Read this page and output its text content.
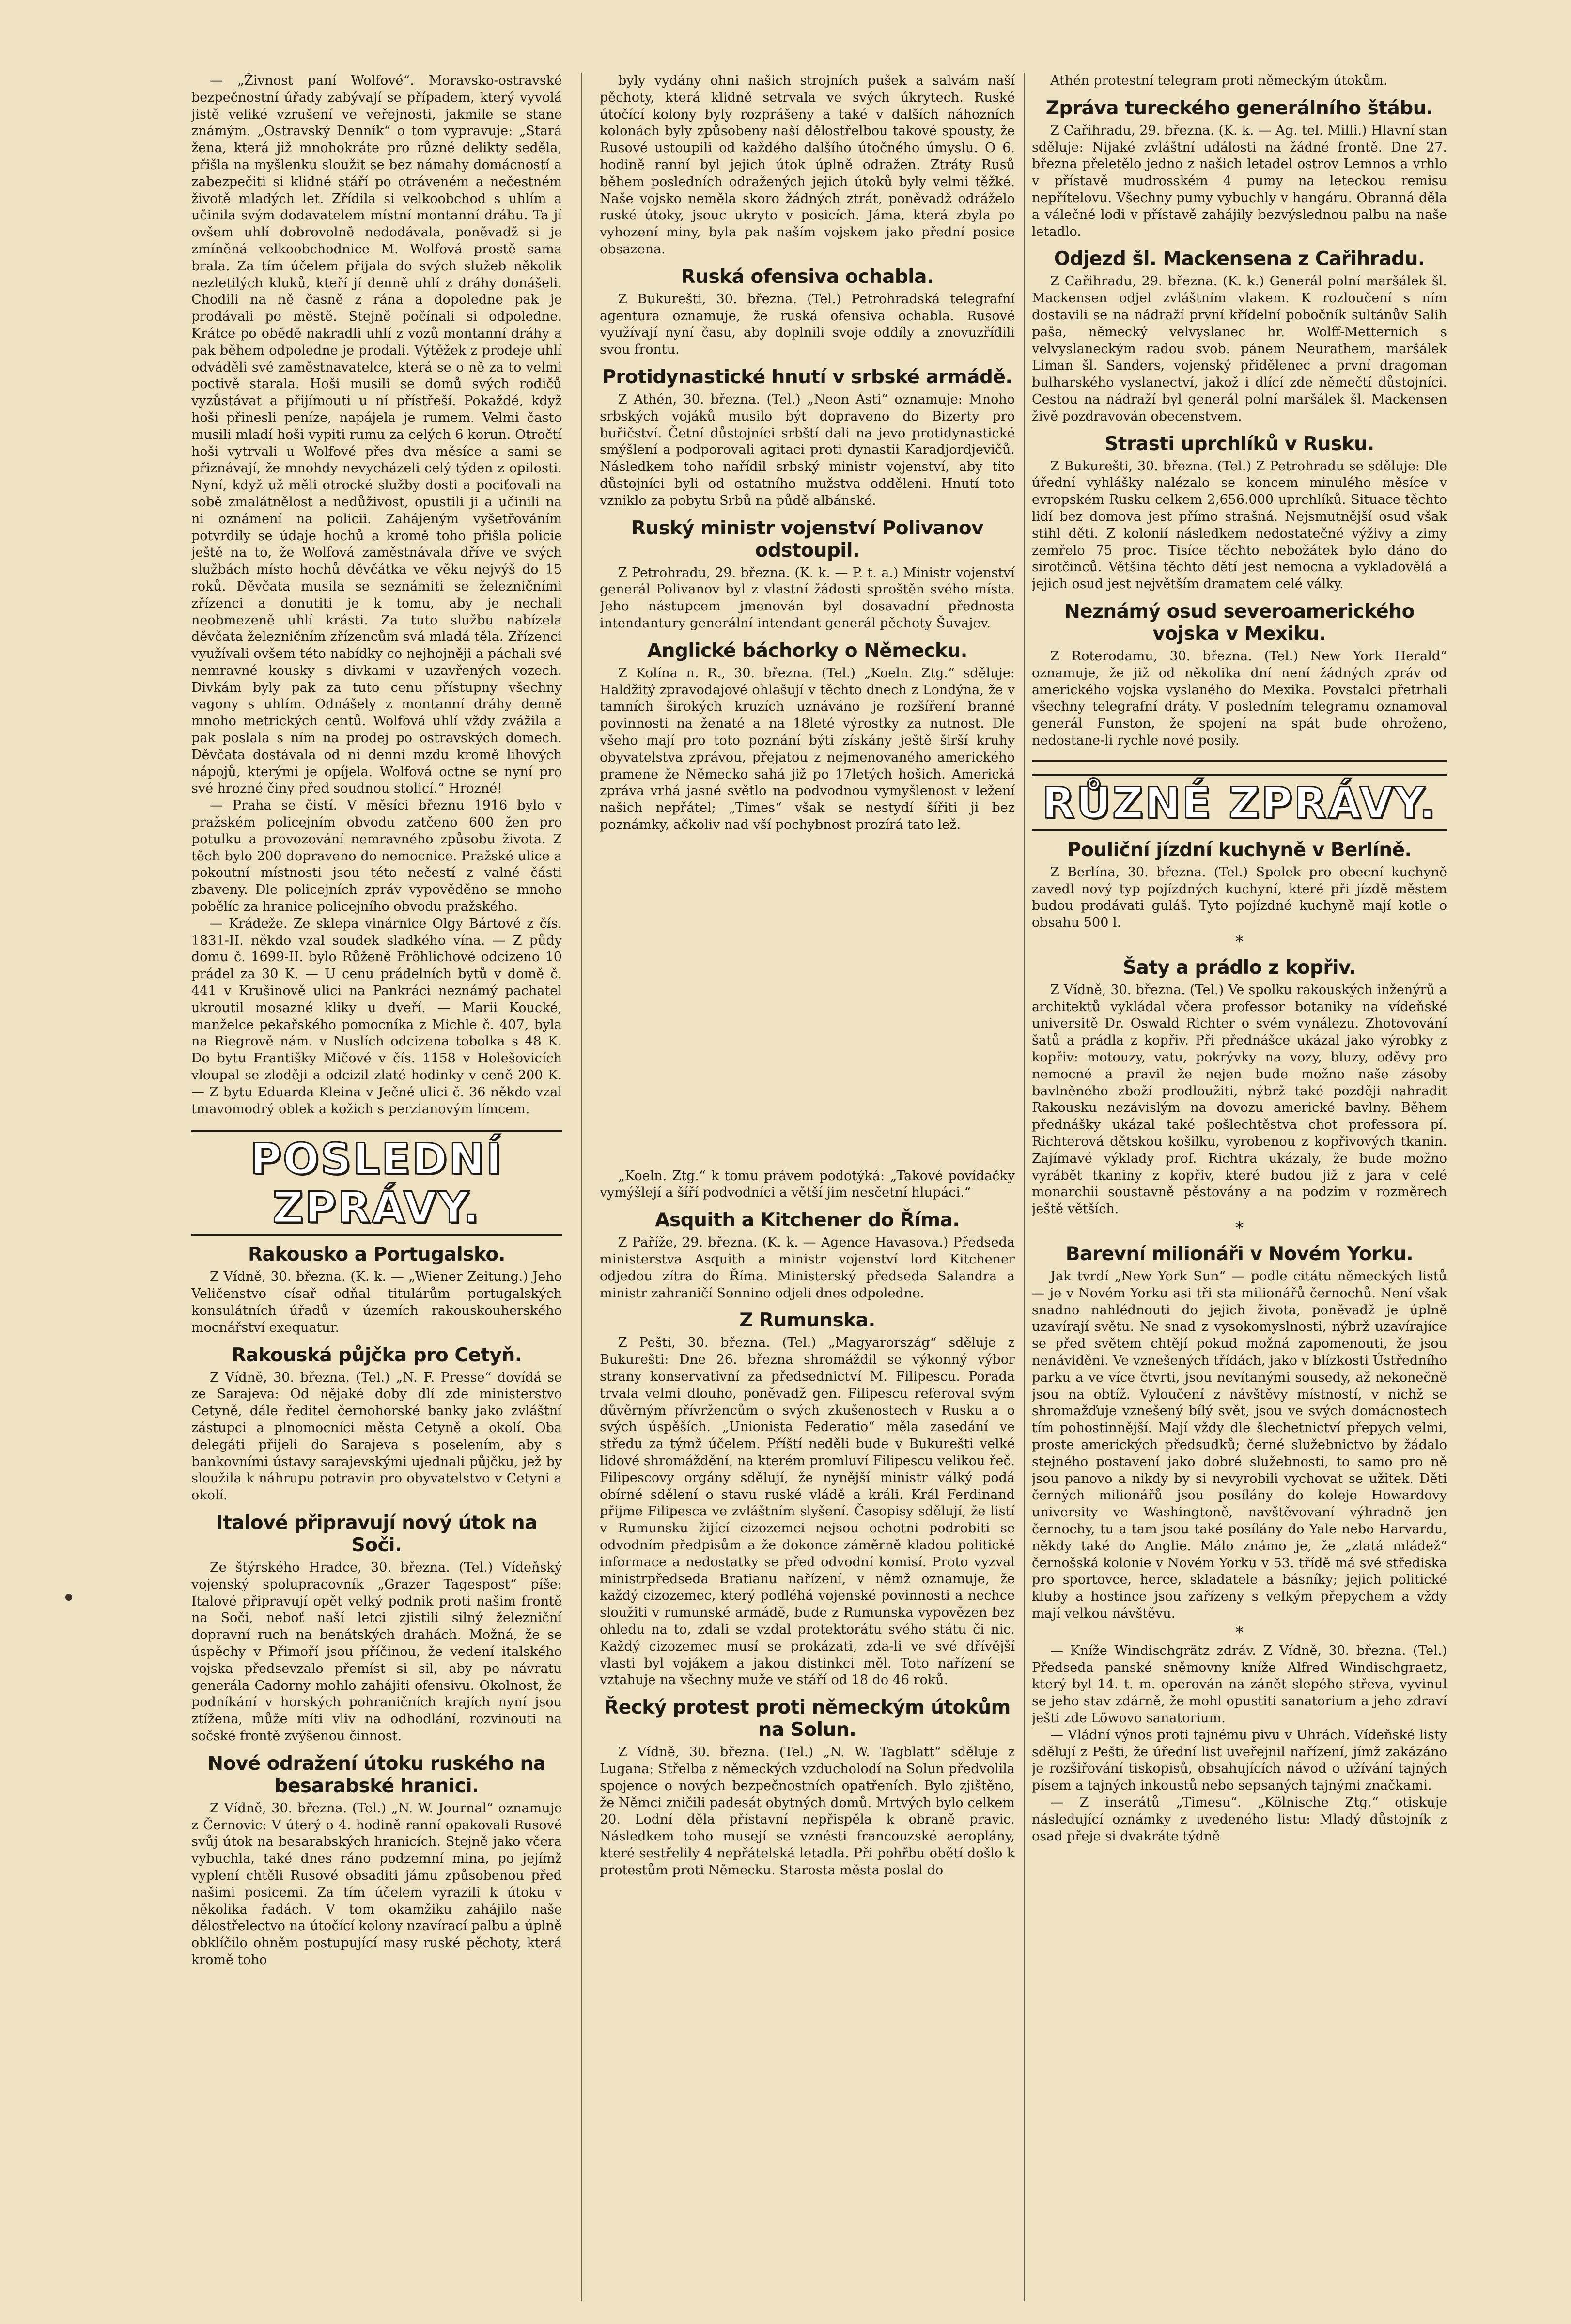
— „Živnost paní Wolfové“. Moravsko-ostravské bezpečnostní úřady zabývají se případem, který vyvolá jistě veliké vzrušení ve veřejnosti, jakmile se stane známým. „Ostravský Denník“ o tom vypravuje: „Stará žena, která již mnohokráte pro různé delikty seděla, přišla na myšlenku sloužit se bez námahy domácností a zabezpečiti si klidné stáří po otráveném a nečestném životě mladých let. Zřídila si velkoobchod s uhlím a učinila svým dodavatelem místní montanní dráhu. Ta jí ovšem uhlí dobrovolně nedodávala, poněvadž si je zmíněná velkoobchodnice M. Wolfová prostě sama brala. Za tím účelem přijala do svých služeb několik nezletilých kluků, kteří jí denně uhlí z dráhy donášeli. Chodili na ně časně z rána a dopoledne pak je prodávali po městě. Stejně počínali si odpoledne. Krátce po obědě nakradli uhlí z vozů montanní dráhy a pak během odpoledne je prodali. Výtěžek z prodeje uhlí odváděli své zaměstnavatelce, která se o ně za to velmi poctivě starala. Hoši musili se domů svých rodičů vyzůstávat a přijímouti u ní přístřeší. Pokaždé, když hoši přinesli peníze, napájela je rumem. Velmi často musili mladí hoši vypiti rumu za celých 6 korun. Otročtí hoši vytrvali u Wolfové přes dva měsíce a sami se přiznávají, že mnohdy nevycházeli celý týden z opilosti. Nyní, když už měli otrocké služby dosti a pociťovali na sobě zmalátnělost a nedůživost, opustili ji a učinili na ni oznámení na policii. Zahájeným vyšetřováním potvrdily se údaje hochů a kromě toho přišla policie ještě na to, že Wolfová zaměstnávala dříve ve svých službách místo hochů děvčátka ve věku nejvýš do 15 roků. Děvčata musila se seznámiti se železničními zřízenci a donutiti je k tomu, aby je nechali neobmezeně uhlí krásti. Za tuto službu nabízela děvčata železničním zřízencům svá mladá těla. Zřízenci využívali ovšem této nabídky co nejhojněji a páchali své nemravné kousky s divkami v uzavřených vozech. Divkám byly pak za tuto cenu přístupny všechny vagony s uhlím. Odnášely z montanní dráhy denně mnoho metrických centů. Wolfová uhlí vždy zvážila a pak poslala s ním na prodej po ostravských domech. Děvčata dostávala od ní denní mzdu kromě lihových nápojů, kterými je opíjela. Wolfová octne se nyní pro své hrozné činy před soudnou stolicí.“ Hrozné!

— Praha se čistí. V měsíci březnu 1916 bylo v pražském policejním obvodu zatčeno 600 žen pro potulku a provozování nemravného způsobu života. Z těch bylo 200 dopraveno do nemocnice. Pražské ulice a pokoutní místnosti jsou této nečestí z valné části zbaveny. Dle policejních zpráv vypověděno se mnoho pobělíc za hranice policejního obvodu pražského.

— Krádeže. Ze sklepa vinárnice Olgy Bártové z čís. 1831-II. někdo vzal soudek sladkého vína. — Z půdy domu č. 1699-II. bylo Růženě Fröhlichové odcizeno 10 prádel za 30 K. — U cenu prádelních bytů v domě č. 441 v Krušinově ulici na Pankráci neznámý pachatel ukroutil mosazné kliky u dveří. — Marii Koucké, manželce pekařského pomocníka z Michle č. 407, byla na Riegrově nám. v Nuslích odcizena tobolka s 48 K. Do bytu Františky Mičové v čís. 1158 v Holešovicích vloupal se zloději a odcizil zlaté hodinky v ceně 200 K. — Z bytu Eduarda Kleina v Ječné ulici č. 36 někdo vzal tmavomodrý oblek a kožich s perzianovým límcem.

POSLEDNÍ ZPRÁVY.
Rakousko a Portugalsko.

Z Vídně, 30. března. (K. k. — „Wiener Zeitung.) Jeho Veličenstvo císař odňal titulárům portugalských konsulátních úřadů v územích rakouskouherského mocnářství exequatur.

Rakouská půjčka pro Cetyň.

Z Vídně, 30. března. (Tel.) „N. F. Presse“ dovídá se ze Sarajeva: Od nějaké doby dlí zde ministerstvo Cetyně, dále ředitel černohorské banky jako zvláštní zástupci a plnomocníci města Cetyně a okolí. Oba delegáti přijeli do Sarajeva s poselením, aby s bankovními ústavy sarajevskými ujednali půjčku, jež by sloužila k náhrupu potravin pro obyvatelstvo v Cetyni a okolí.

Italové připravují nový útok na Soči.

Ze štýrského Hradce, 30. března. (Tel.) Vídeňský vojenský spolupracovník „Grazer Tagespost“ píše: Italové připravují opět velký podnik proti našim frontě na Soči, neboť naší letci zjistili silný železniční dopravní ruch na benátských drahách. Možná, že se úspěchy v Přimoří jsou příčinou, že vedení italského vojska předsevzalo přemíst si sil, aby po návratu generála Cadorny mohlo zahájiti ofensivu. Okolnost, že podníkání v horských pohraničních krajích nyní jsou ztížena, může míti vliv na odhodlání, rozvinouti na sočské frontě zvýšenou činnost.

Nové odražení útoku ruského na besarabské hranici.

Z Vídně, 30. března. (Tel.) „N. W. Journal“ oznamuje z Černovic: V úterý o 4. hodině ranní opakovali Rusové svůj útok na besarabských hranicích. Stejně jako včera vybuchla, také dnes ráno podzemní mina, po jejímž vyplení chtěli Rusové obsaditi jámu způsobenou před našimi posicemi. Za tím účelem vyrazili k útoku v několika řadách. V tom okamžiku zahájilo naše dělostřelectvo na útočící kolony nzavírací palbu a úplně obklíčilo ohněm postupující masy ruské pěchoty, která kromě toho

byly vydány ohni našich strojních pušek a salvám naší pěchoty, která klidně setrvala ve svých úkrytech. Ruské útočící kolony byly rozprášeny a také v dalších náhozních kolonách byly způsobeny naší dělostřelbou takové spousty, že Rusové ustoupili od každého dalšího útočného úmyslu. O 6. hodině ranní byl jejich útok úplně odražen. Ztráty Rusů během posledních odražených jejich útoků byly velmi těžké. Naše vojsko neměla skoro žádných ztrát, poněvadž odráželo ruské útoky, jsouc ukryto v posicích. Jáma, která zbyla po vyhození miny, byla pak naším vojskem jako přední posice obsazena.

Ruská ofensiva ochabla.

Z Bukurešti, 30. března. (Tel.) Petrohradská telegrafní agentura oznamuje, že ruská ofensiva ochabla. Rusové využívají nyní času, aby doplnili svoje oddíly a znovuzřídili svou frontu.

Protidynastické hnutí v srbské armádě.

Z Athén, 30. března. (Tel.) „Neon Asti“ oznamuje: Mnoho srbských vojáků musilo být dopraveno do Bizerty pro buřičství. Četní důstojníci srbští dali na jevo protidynastické smýšlení a podporovali agitaci proti dynastii Karadjordjevičů. Následkem toho nařídil srbský ministr vojenství, aby tito důstojníci byli od ostatního mužstva odděleni. Hnutí toto vzniklo za pobytu Srbů na půdě albánské.

Ruský ministr vojenství Polivanov odstoupil.

Z Petrohradu, 29. března. (K. k. — P. t. a.) Ministr vojenství generál Polivanov byl z vlastní žádosti sproštěn svého místa. Jeho nástupcem jmenován byl dosavadní přednosta intendantury generální intendant generál pěchoty Šuvajev.

Anglické báchorky o Německu.

Z Kolína n. R., 30. března. (Tel.) „Koeln. Ztg.“ sděluje: Haldžitý zpravodajové ohlašují v těchto dnech z Londýna, že v tamních širokých kruzích uznáváno je rozšíření branné povinnosti na ženaté a na 18leté výrostky za nutnost. Dle všeho mají pro toto poznání býti získány ještě širší kruhy obyvatelstva zprávou, přejatou z nejmenovaného amerického pramene že Německo sahá již po 17letých hošich. Americká zpráva vrhá jasné světlo na podvodnou vymyšlenost v ležení našich nepřátel; „Times“ však se nestydí šířiti ji bez poznámky, ačkoliv nad vší pochybnost prozírá tato lež.

„Koeln. Ztg.“ k tomu právem podotýká: „Takové povídačky vymýšlejí a šíří podvodníci a větší jim nesčetní hlupáci.“

Asquith a Kitchener do Říma.

Z Paříže, 29. března. (K. k. — Agence Havasova.) Předseda ministerstva Asquith a ministr vojenství lord Kitchener odjedou zítra do Říma. Ministerský předseda Salandra a ministr zahraničí Sonnino odjeli dnes odpoledne.

Z Rumunska.

Z Pešti, 30. března. (Tel.) „Magyarország“ sděluje z Bukurešti: Dne 26. března shromáždil se výkonný výbor strany konservativní za předsednictví M. Filipescu. Porada trvala velmi dlouho, poněvadž gen. Filipescu referoval svým důvěrným přívržencům o svých zkušenostech v Rusku a o svých úspěších. „Unionista Federatio“ měla zasedání ve středu za týmž účelem. Příští neděli bude v Bukurešti velké lidové shromáždění, na kterém promluví Filipescu velikou řeč. Filipescovy orgány sdělují, že nynější ministr válký podá obírné sdělení o stavu ruské vládě a králi. Král Ferdinand přijme Filipesca ve zvláštním slyšení. Časopisy sdělují, že listí v Rumunsku žijící cizozemci nejsou ochotni podrobiti se odvodním předpisům a že dokonce záměrně kladou politické informace a nedostatky se před odvodní komisí. Proto vyzval ministrpředseda Bratianu nařízení, v němž oznamuje, že každý cizozemec, který podléhá vojenské povinnosti a nechce sloužiti v rumunské armádě, bude z Rumunska vypovězen bez ohledu na to, zdali se vzdal protektorátu svého státu či nic. Každý cizozemec musí se prokázati, zda-li ve své dřívější vlasti byl vojákem a jakou distinkci měl. Toto nařízení se vztahuje na všechny muže ve stáří od 18 do 46 roků.

Řecký protest proti německým útokům na Solun.

Z Vídně, 30. března. (Tel.) „N. W. Tagblatt“ sděluje z Lugana: Střelba z německých vzducholodí na Solun předvolila spojence o nových bezpečnostních opatřeních. Bylo zjištěno, že Němci zničili padesát obytných domů. Mrtvých bylo celkem 20. Lodní děla přístavní nepřispěla k obraně pravic. Následkem toho musejí se vznésti francouzské aeroplány, které sestřelily 4 nepřátelská letadla. Při pohřbu obětí došlo k protestům proti Německu. Starosta města poslal do

Athén protestní telegram proti německým útokům.

Zpráva tureckého generálního štábu.

Z Cařihradu, 29. března. (K. k. — Ag. tel. Milli.) Hlavní stan sděluje: Nijaké zvláštní události na žádné frontě. Dne 27. března přeletělo jedno z našich letadel ostrov Lemnos a vrhlo v přístavě mudrosském 4 pumy na leteckou remisu nepřítelovu. Všechny pumy vybuchly v hangáru. Obranná děla a válečné lodi v přístavě zahájily bezvýslednou palbu na naše letadlo.

Odjezd šl. Mackensena z Cařihradu.

Z Cařihradu, 29. března. (K. k.) Generál polní maršálek šl. Mackensen odjel zvláštním vlakem. K rozloučení s ním dostavili se na nádraží první křídelní pobočník sultánův Salih paša, německý velvyslanec hr. Wolff-Metternich s velvyslaneckým radou svob. pánem Neurathem, maršálek Liman šl. Sanders, vojenský přidělenec a první dragoman bulharského vyslanectví, jakož i dlící zde němečtí důstojníci. Cestou na nádraží byl generál polní maršálek šl. Mackensen živě pozdravován obecenstvem.

Strasti uprchlíků v Rusku.

Z Bukurešti, 30. března. (Tel.) Z Petrohradu se sděluje: Dle úřední vyhlášky nalézalo se koncem minulého měsíce v evropském Rusku celkem 2,656.000 uprchlíků. Situace těchto lidí bez domova jest přímo strašná. Nejsmutnější osud však stihl děti. Z kolonií následkem nedostatečné výživy a zimy zemřelo 75 proc. Tisíce těchto nebožátek bylo dáno do sirotčinců. Většina těchto dětí jest nemocna a vykladovělá a jejich osud jest největším dramatem celé války.

Neznámý osud severoamerického vojska v Mexiku.

Z Roterodamu, 30. března. (Tel.) New York Herald“ oznamuje, že již od několika dní není žádných zpráv od amerického vojska vyslaného do Mexika. Povstalci přetrhali všechny telegrafní dráty. V posledním telegramu oznamoval generál Funston, že spojení na spát bude ohroženo, nedostane-li rychle nové posily.

RŮZNÉ ZPRÁVY.
Pouliční jízdní kuchyně v Berlíně.

Z Berlína, 30. března. (Tel.) Spolek pro obecní kuchyně zavedl nový typ pojízdných kuchyní, které při jízdě městem budou prodávati guláš. Tyto pojízdné kuchyně mají kotle o obsahu 500 l.

*
Šaty a prádlo z kopřiv.

Z Vídně, 30. března. (Tel.) Ve spolku rakouských inženýrů a architektů vykládal včera professor botaniky na vídeňské universitě Dr. Oswald Richter o svém vynálezu. Zhotovování šatů a prádla z kopřiv. Při přednášce ukázal jako výrobky z kopřiv: motouzy, vatu, pokrývky na vozy, bluzy, oděvy pro nemocné a pravil že nejen bude možno naše zásoby bavlněného zboží prodloužiti, nýbrž také později nahradit Rakousku nezávislým na dovozu americké bavlny. Během přednášky ukázal také pošlechtěstva chot professora pí. Richterová dětskou košilku, vyrobenou z kopřivových tkanin. Zajímavé výklady prof. Richtra ukázaly, že bude možno vyrábět tkaniny z kopřiv, které budou již z jara v celé monarchii soustavně pěstovány a na podzim v rozměrech ještě větších.

*
Barevní milionáři v Novém Yorku.

Jak tvrdí „New York Sun“ — podle citátu německých listů — je v Novém Yorku asi tři sta milionářů černochů. Není však snadno nahlédnouti do jejich života, poněvadž je úplně uzavírají světu. Ne snad z vysokomyslnosti, nýbrž uzavírajíce se před světem chtějí pokud možná zapomenouti, že jsou nenáviděni. Ve vznešených třídách, jako v blízkosti Ústředního parku a ve více čtvrti, jsou nevítanými sousedy, až nekonečně jsou na obtíž. Vyloučení z návštěvy místností, v nichž se shromažďuje vznešený bílý svět, jsou ve svých domácnostech tím pohostinnější. Mají vždy dle šlechetnictví přepych velmi, proste amerických předsudků; černé služebnictvo by žádalo stejného postavení jako dobré služebnosti, to samo pro ně jsou panovo a nikdy by si nevyrobili vychovat se užitek. Děti černých milionářů jsou posílány do koleje Howardovy university ve Washingtoně, navštěvovaní výhradně jen černochy, tu a tam jsou také posílány do Yale nebo Harvardu, někdy také do Anglie. Málo známo je, že „zlatá mládež“ černošská kolonie v Novém Yorku v 53. třídě má své střediska pro sportovce, herce, skladatele a básníky; jejich politické kluby a hostince jsou zařízeny s velkým přepychem a vždy mají velkou návštěvu.

*

— Kníže Windischgrätz zdráv. Z Vídně, 30. března. (Tel.) Předseda panské sněmovny kníže Alfred Windischgraetz, který byl 14. t. m. operován na zánět slepého střeva, vyvinul se jeho stav zdárně, že mohl opustiti sanatorium a jeho zdraví ješti zde Löwovo sanatorium.

— Vládní výnos proti tajnému pivu v Uhrách. Vídeňské listy sdělují z Pešti, že úřední list uveřejnil nařízení, jímž zakázáno je rozšiřování tiskopisů, obsahujících návod o užívání tajných písem a tajných inkoustů nebo sepsaných tajnými značkami.

— Z inserátů „Timesu“. „Kölnische Ztg.“ otiskuje následující oznámky z uvedeného listu: Mladý důstojník z osad přeje si dvakráte týdně
